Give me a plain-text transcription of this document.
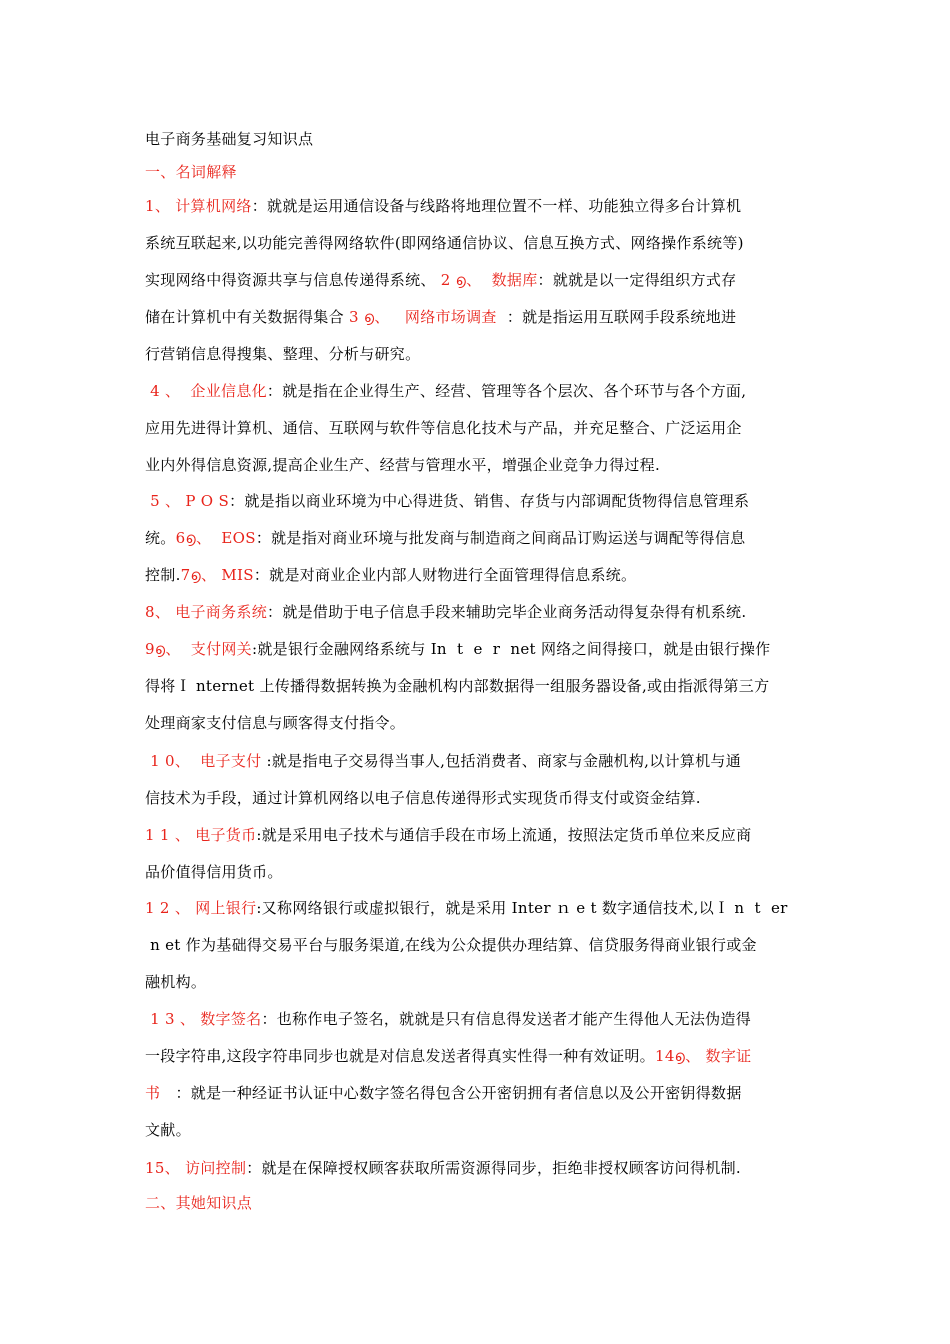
电子商务基础复习知识点
一、名词解释
1、 计算机网络：就就是运用通信设备与线路将地理位置不一样、功能独立得多台计算机
系统互联起来,以功能完善得网络软件(即网络通信协议、信息互换方式、网络操作系统等)
实现网络中得资源共享与信息传递得系统、 2 ൭、  数据库：就就是以一定得组织方式存
储在计算机中有关数据得集合 3 ൭、   网络市场调查  ：就是指运用互联网手段系统地进
行营销信息得搜集、整理、分析与研究。
4 、  企业信息化：就是指在企业得生产、经营、管理等各个层次、各个环节与各个方面,
应用先进得计算机、通信、互联网与软件等信息化技术与产品，并充足整合、广泛运用企
业内外得信息资源,提高企业生产、经营与管理水平，增强企业竞争力得过程.
5 、 P O S：就是指以商业环境为中心得进货、销售、存货与内部调配货物得信息管理系
统。6൭、  EOS：就是指对商业环境与批发商与制造商之间商品订购运送与调配等得信息
控制.7൭、 MIS：就是对商业企业内部人财物进行全面管理得信息系统。
8、 电子商务系统：就是借助于电子信息手段来辅助完毕企业商务活动得复杂得有机系统.
9൭、  支付网关:就是银行金融网络系统与 In  t  e  r  net 网络之间得接口，就是由银行操作
得将Ｉ nternet 上传播得数据转换为金融机构内部数据得一组服务器设备,或由指派得第三方
处理商家支付信息与顾客得支付指令。
1 0、  电子支付 :就是指电子交易得当事人,包括消费者、商家与金融机构,以计算机与通
信技术为手段，通过计算机网络以电子信息传递得形式实现货币得支付或资金结算.
1 1 、 电子货币:就是采用电子技术与通信手段在市场上流通，按照法定货币单位来反应商
品价值得信用货币。
1 2 、 网上银行:又称网络银行或虚拟银行，就是采用 Inter ｎ e t 数字通信技术,以Ｉ n  t  er
n et 作为基础得交易平台与服务渠道,在线为公众提供办理结算、信贷服务得商业银行或金
融机构。
1 3 、 数字签名：也称作电子签名，就就是只有信息得发送者才能产生得他人无法伪造得
一段字符串,这段字符串同步也就是对信息发送者得真实性得一种有效证明。14൭、 数字证
书   ：就是一种经证书认证中心数字签名得包含公开密钥拥有者信息以及公开密钥得数据
文献。
15、 访问控制：就是在保障授权顾客获取所需资源得同步，拒绝非授权顾客访问得机制.
二、其她知识点
